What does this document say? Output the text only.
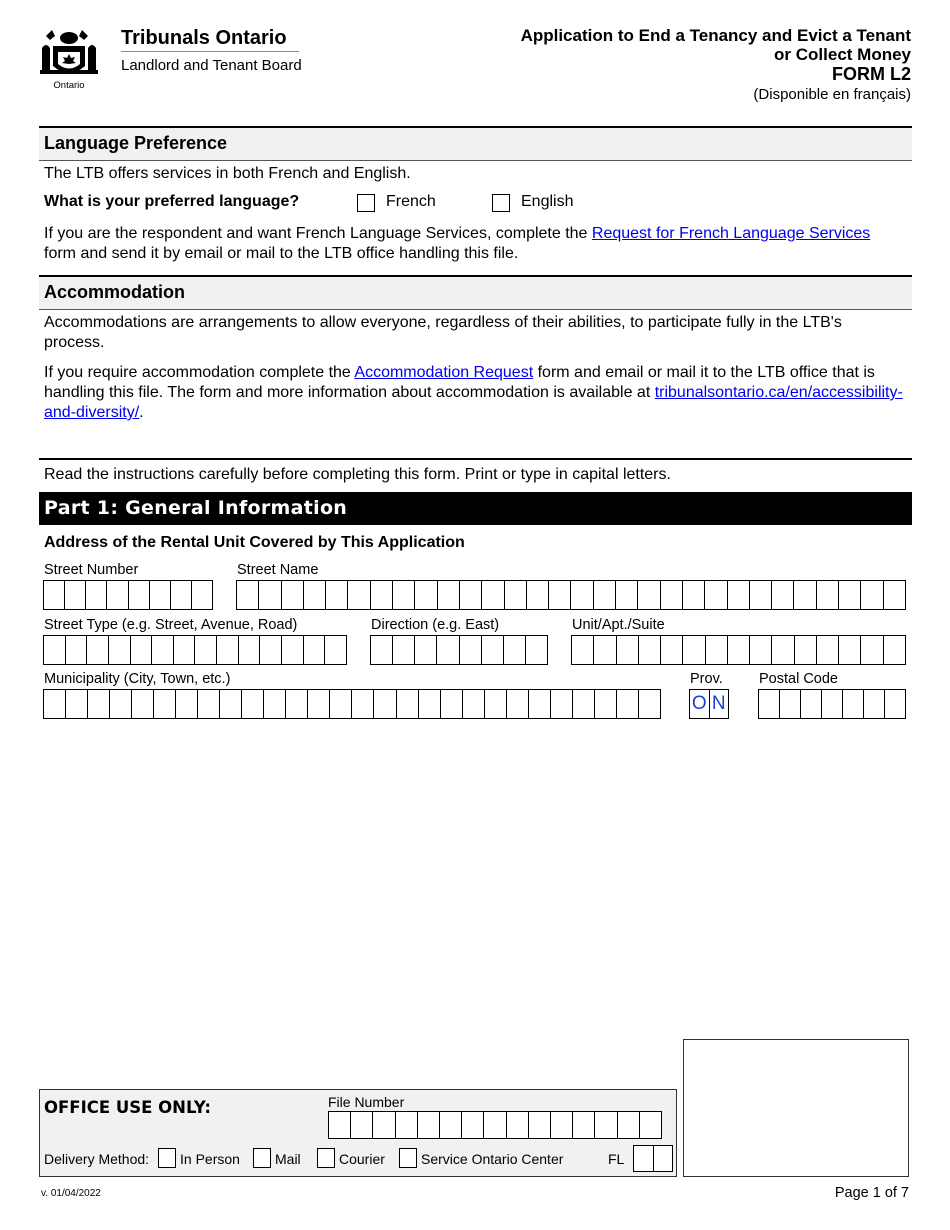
Ontario
Tribunals Ontario
Landlord and Tenant Board
Application to End a Tenancy and Evict a Tenant
or Collect Money
FORM L2
(Disponible en français)
Language Preference
The LTB offers services in both French and English.
What is your preferred language?	French	English
If you are the respondent and want French Language Services, complete the Request for French Language Services form and send it by email or mail to the LTB office handling this file.
Accommodation
Accommodations are arrangements to allow everyone, regardless of their abilities, to participate fully in the LTB's process.
If you require accommodation complete the Accommodation Request form and email or mail it to the LTB office that is handling this file. The form and more information about accommodation is available at tribunalsontario.ca/en/accessibility-and-diversity/.
Read the instructions carefully before completing this form. Print or type in capital letters.
Part 1: General Information
Address of the Rental Unit Covered by This Application
Street Number	Street Name
Street Type (e.g. Street, Avenue, Road)	Direction (e.g. East)	Unit/Apt./Suite
Municipality (City, Town, etc.)	Prov. Postal Code
O N
OFFICE USE ONLY:	File Number
Delivery Method: In Person	Mail	Courier	Service Ontario Center	FL
v. 01/04/2022	Page 1 of 7
